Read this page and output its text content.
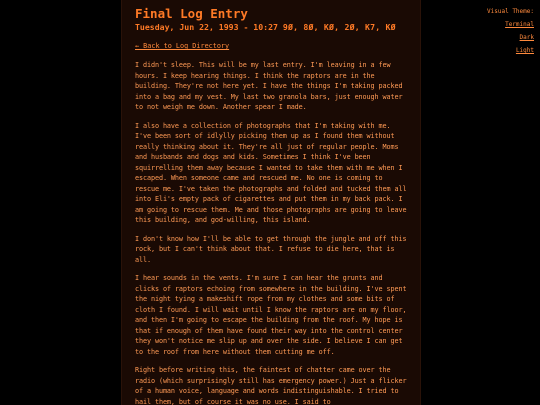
Final Log Entry
Tuesday, Jun 22, 1993 - 10:27 9Ø, 8Ø, KØ, 2Ø, K7, KØ
← Back to Log Directory

I didn't sleep. This will be my last entry. I'm leaving in a few hours. I keep hearing things. I think the raptors are in the building. They're not here yet. I have the things I'm taking packed into a bag and my vest. My last two granola bars, just enough water to not weigh me down. Another spear I made.

I also have a collection of photographs that I'm taking with me. I've been sort of idlylly picking them up as I found them without really thinking about it. They're all just of regular people. Moms and husbands and dogs and kids. Sometimes I think I've been squirrelling them away because I wanted to take them with me when I escaped. When someone came and rescued me. No one is coming to rescue me. I've taken the photographs and folded and tucked them all into Eli's empty pack of cigarettes and put them in my back pack. I am going to rescue them. Me and those photographs are going to leave this building, and god-willing, this island.

I don't know how I'll be able to get through the jungle and off this rock, but I can't think about that. I refuse to die here, that is all.

I hear sounds in the vents. I'm sure I can hear the grunts and clicks of raptors echoing from somewhere in the building. I've spent the night tying a makeshift rope from my clothes and some bits of cloth I found. I will wait until I know the raptors are on my floor, and then I'm going to escape the building from the roof. My hope is that if enough of them have found their way into the control center they won't notice me slip up and over the side. I believe I can get to the roof from here without them cutting me off.

Right before writing this, the faintest of chatter came over the radio (which surprisingly still has emergency power.) Just a flicker of a human voice, language and words indistinguishable. I tried to hail them, but of course it was no use. I said to

Visual Theme:
Terminal
Dark
Light
